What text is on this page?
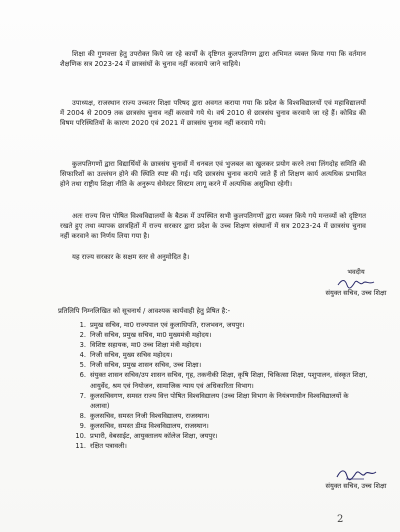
शिक्षा की गुणवत्ता हेतु उपरोक्त किये जा रहे कार्यों के दृष्टिगत कुलपतिगण द्वारा अभिमत व्यक्त किया गया कि वर्तमान शैक्षणिक सत्र 2023-24 में छात्रसंघों के चुनाव नहीं करवाये जाने चाहिये।

उपाध्यक्ष, राजस्थान राज्य उच्चतर शिक्षा परिषद द्वारा अवगत कराया गया कि प्रदेश के विश्वविद्यालयों एवं महाविद्यालयों में 2004 से 2009 तक छात्रसंघ चुनाव नहीं करवाये गये थे। वर्ष 2010 से छात्रसंघ चुनाव करवाये जा रहे हैं। कोविड की विषम परिस्थितियों के कारण 2020 एवं 2021 में छात्रसंघ चुनाव नहीं करवाये गये।

कुलपतिगणों द्वारा विद्यार्थियों के छात्रसंघ चुनावों में धनबल एवं भुजबल का खुलकर प्रयोग करने तथा लिंगदोह समिति की सिफारिशों का उल्लंघन होने की स्थिति स्पष्ट की गई। यदि छात्रसंघ चुनाव कराये जाते हैं तो शिक्षण कार्य अत्यधिक प्रभावित होने तथा राष्ट्रीय शिक्षा नीति के अनुरूप सेमेस्टर सिस्टम लागू करने में अत्यधिक असुविधा रहेगी।

अतः राज्य वित्त पोषित विश्वविद्यालयों के बैठक में उपस्थित सभी कुलपतिगणों द्वारा व्यक्त किये गये मन्तव्यों को दृष्टिगत रखते हुए तथा व्यापक छात्रहितों में राज्य सरकार द्वारा प्रदेश के उच्च शिक्षण संस्थानों में सत्र 2023-24 में छात्रसंघ चुनाव नहीं करवाने का निर्णय लिया गया है।

यह राज्य सरकार के सक्षम स्तर से अनुमोदित है।
भवदीय
संयुक्त सचिव, उच्च शिक्षा
प्रतिलिपि निम्नलिखित को सूचनार्थ / आवश्यक कार्यवाही हेतु प्रेषित है:-
1. प्रमुख सचिव, मा0 राज्यपाल एवं कुलाधिपति, राजभवन, जयपुर।
2. निजी सचिव, प्रमुख सचिव, मा0 मुख्यमंत्री महोदय।
3. विशिष्ट सहायक, मा0 उच्च शिक्षा मंत्री महोदय।
4. निजी सचिव, मुख्य सचिव महोदय।
5. निजी सचिव, प्रमुख शासन सचिव, उच्च शिक्षा।
6. संयुक्त शासन सचिव/उप शासन सचिव, गृह, तकनीकी शिक्षा, कृषि शिक्षा, चिकित्सा शिक्षा, पशुपालन, संस्कृत शिक्षा, आयुर्वेद, श्रम एवं नियोजन, सामाजिक न्याय एवं अधिकारिता विभाग।
7. कुलसचिवगण, समस्त राज्य वित्त पोषित विश्वविद्यालय (उच्च शिक्षा विभाग के नियंत्रणाधीन विश्वविद्यालयों के अलावा)
8. कुलसचिव, समस्त निजी विश्वविद्यालय, राजस्थान।
9. कुलसचिव, समस्त डीम्ड विश्वविद्यालय, राजस्थान।
10. प्रभारी, वेबसाईट, आयुक्तालय कॉलेज शिक्षा, जयपुर।
11. रक्षित पत्रावली।
संयुक्त सचिव, उच्च शिक्षा
2
